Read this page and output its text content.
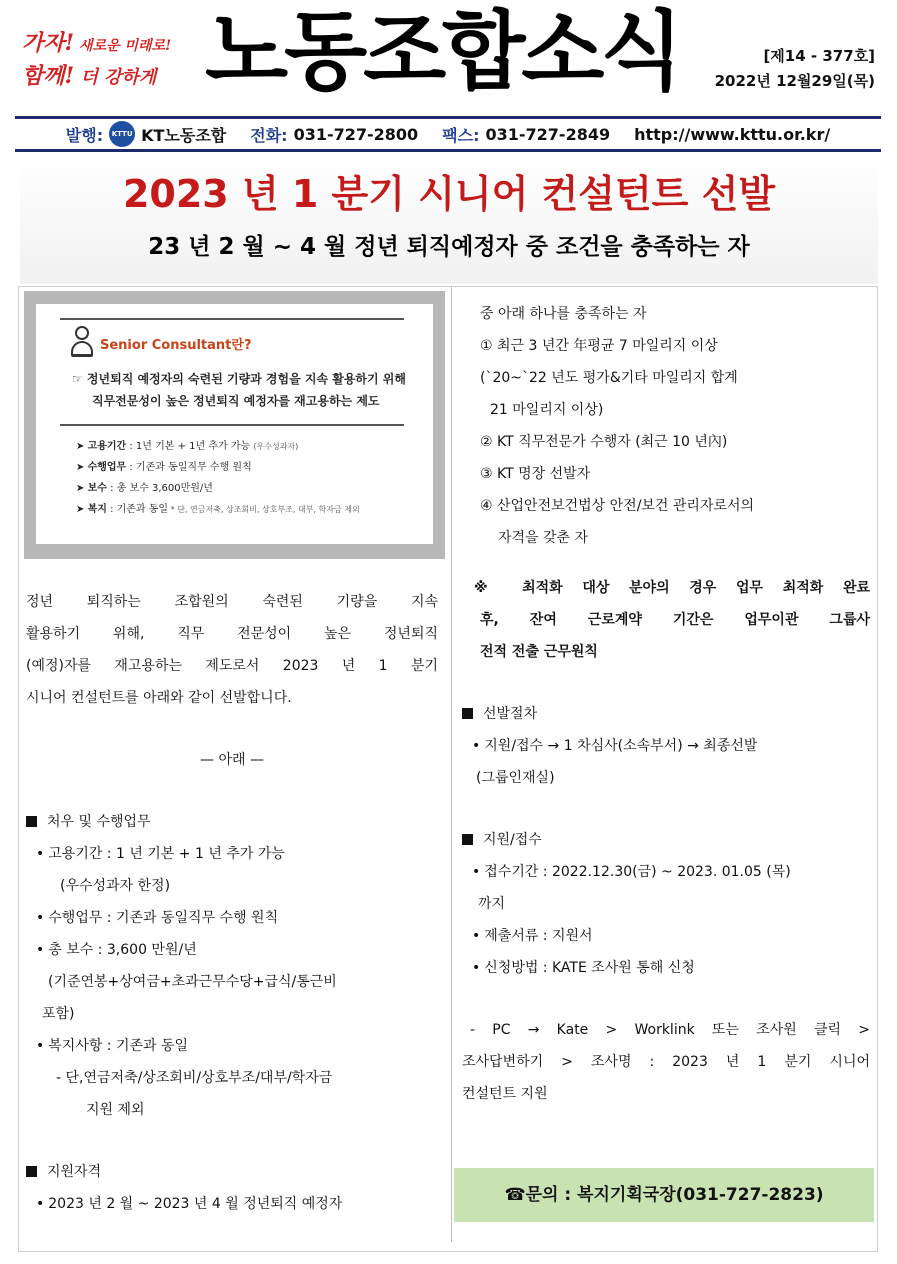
가자! 새로운 미래로!
함께! 더 강하게 노동조합소식	[제14 - 377호]
2022년 12월29일(목)
발행:	KTTU KT노동조합 전화: 031-727-2800 팩스: 031-727-2849 http://www.kttu.or.kr/
2023 년 1 분기 시니어 컨설턴트 선발
23 년 2 월 ~ 4 월 정년 퇴직예정자 중 조건을 충족하는 자
Senior Consultant란?
☞ 정년퇴직 예정자의 숙련된 기량과 경험을 지속 활용하기 위해
직무전문성이 높은 정년퇴직 예정자를 재고용하는 제도
➤ 고용기간 : 1년 기본 + 1년 추가 가능 (우수성과자)
➤ 수행업무 : 기존과 동일직무 수행 원칙
➤ 보수 : 총 보수 3,600만원/년
➤ 복지 : 기존과 동일 * 단, 연금저축, 상조회비, 상호부조, 대부, 학자금 제외
정년 퇴직하는 조합원의 숙련된 기량을 지속
활용하기 위해, 직무 전문성이 높은 정년퇴직
(예정)자를 재고용하는 제도로서 2023 년 1 분기
시니어 컨설턴트를 아래와 같이 선발합니다.
— 아래 —
처우 및 수행업무
• 고용기간 : 1 년 기본 + 1 년 추가 가능
(우수성과자 한정)
• 수행업무 : 기존과 동일직무 수행 원칙
• 총 보수 : 3,600 만원/년
(기준연봉+상여금+초과근무수당+급식/통근비
포함)
• 복지사항 : 기존과 동일
- 단,연금저축/상조회비/상호부조/대부/학자금
지원 제외
지원자격
• 2023 년 2 월 ~ 2023 년 4 월 정년퇴직 예정자
중 아래 하나를 충족하는 자
① 최근 3 년간 年평균 7 마일리지 이상
(`20~`22 년도 평가&기타 마일리지 합계
21 마일리지 이상)
② KT 직무전문가 수행자 (최근 10 년內)
③ KT 명장 선발자
④ 산업안전보건법상 안전/보건 관리자로서의
자격을 갖춘 자
※ 최적화 대상 분야의 경우 업무 최적화 완료
후, 잔여 근로계약 기간은 업무이관 그룹사
전적 전출 근무원칙
선발절차
• 지원/접수 → 1 차심사(소속부서) → 최종선발
(그룹인재실)
지원/접수
• 접수기간 : 2022.12.30(금) ~ 2023. 01.05 (목)
까지
• 제출서류 : 지원서
• 신청방법 : KATE 조사원 통해 신청
- PC → Kate > Worklink 또는 조사원 클릭 >
조사답변하기 > 조사명 : 2023 년 1 분기 시니어
컨설턴트 지원
☎문의 : 복지기획국장(031-727-2823)
